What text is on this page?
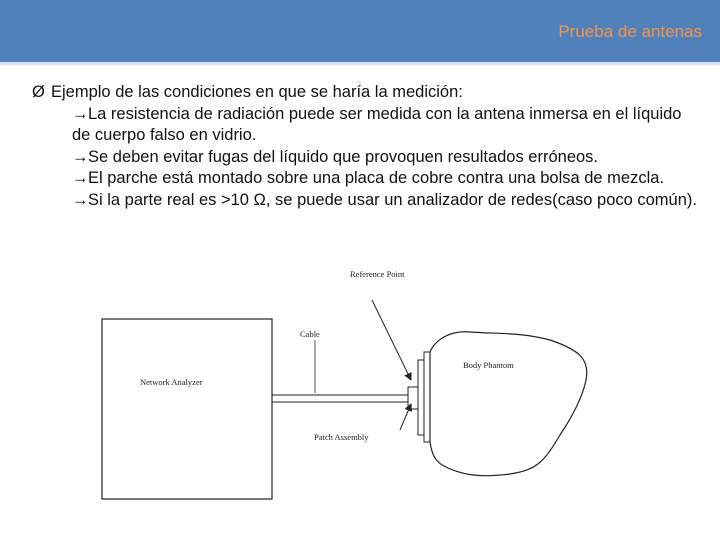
Prueba de antenas
Ø Ejemplo de las condiciones en que se haría la medición:
→La resistencia de radiación puede ser medida con la antena inmersa en el líquido de cuerpo falso en vidrio.
→Se deben evitar fugas del líquido que provoquen resultados erróneos.
→El parche está montado sobre una placa de cobre contra una bolsa de mezcla.
→Si la parte real es >10 Ω, se puede usar un analizador de redes(caso poco común).
Network Analyzer
Body Phantom
Reference Point
Cable
Patch Assembly
